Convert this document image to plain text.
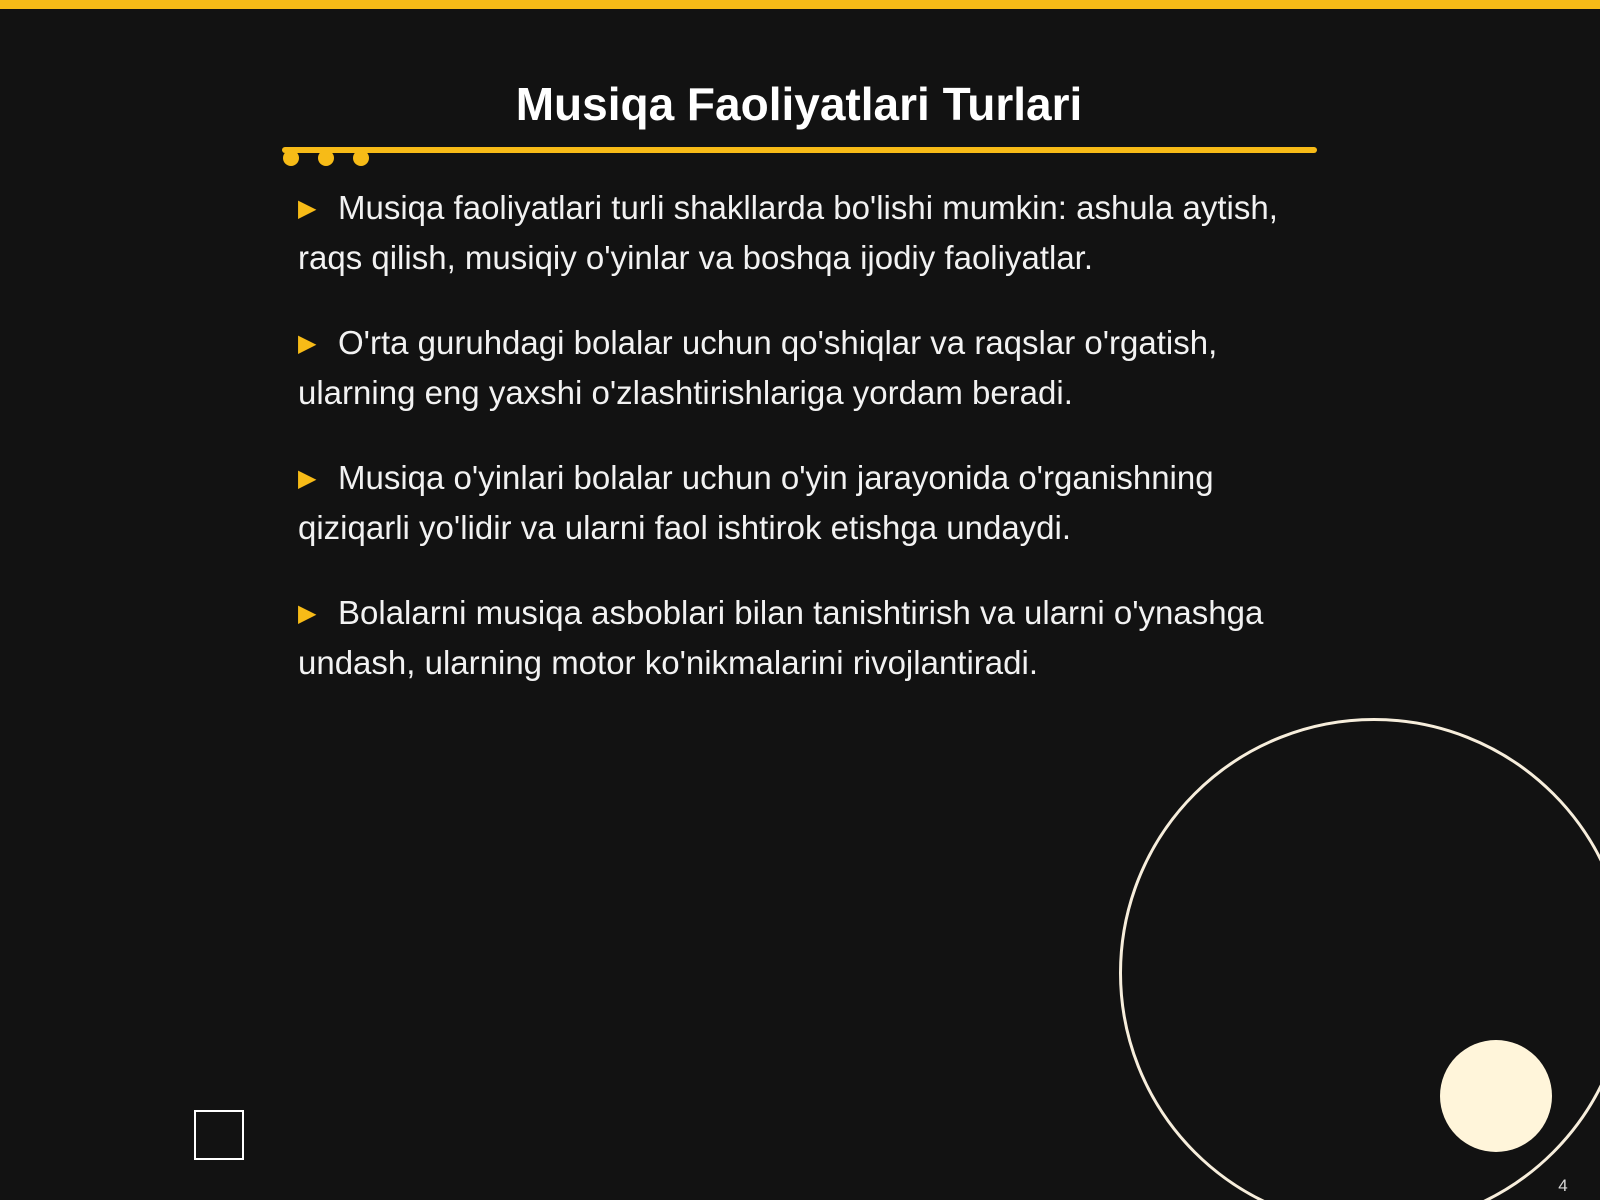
Musiqa Faoliyatlari Turlari
▶ Musiqa faoliyatlari turli shakllarda bo'lishi mumkin: ashula aytish, raqs qilish, musiqiy o'yinlar va boshqa ijodiy faoliyatlar.
▶ O'rta guruhdagi bolalar uchun qo'shiqlar va raqslar o'rgatish, ularning eng yaxshi o'zlashtirishlariga yordam beradi.
▶ Musiqa o'yinlari bolalar uchun o'yin jarayonida o'rganishning qiziqarli yo'lidir va ularni faol ishtirok etishga undaydi.
▶ Bolalarni musiqa asboblari bilan tanishtirish va ularni o'ynashga undash, ularning motor ko'nikmalarini rivojlantiradi.
4
